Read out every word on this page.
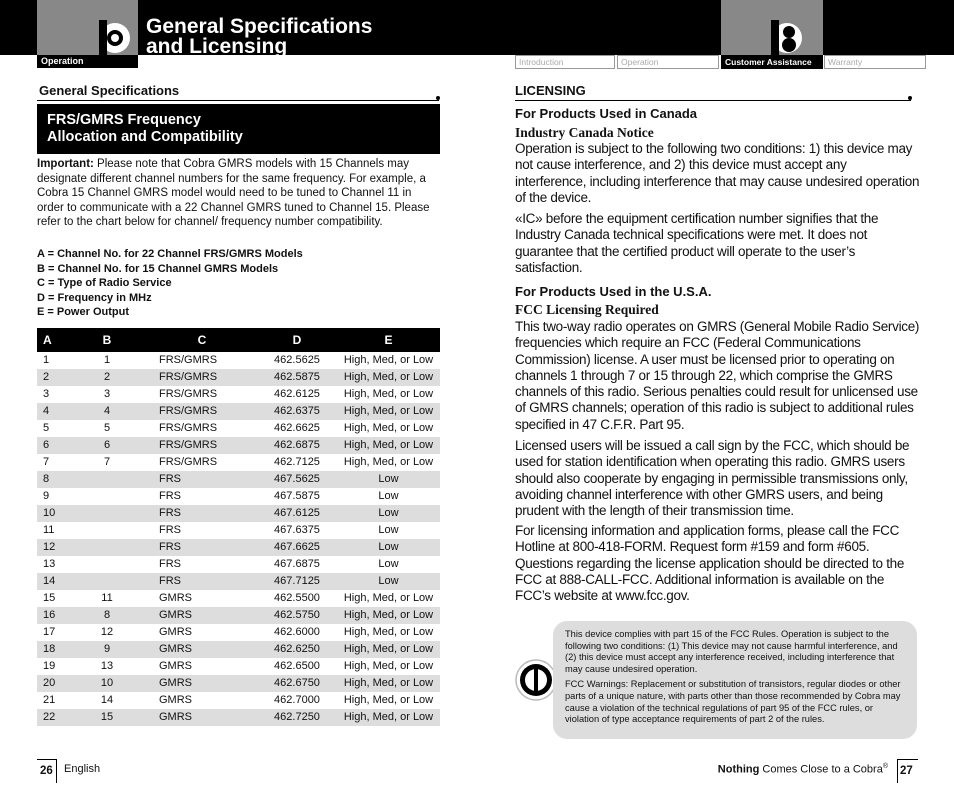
Operation
General Specifications
and Licensing
Introduction	Operation	Customer Assistance	Warranty
General Specifications
FRS/GMRS Frequency
Allocation and Compatibility
Important: Please note that Cobra GMRS models with 15 Channels may designate different channel numbers for the same frequency. For example, a Cobra 15 Channel GMRS model would need to be tuned to Channel 11 in order to communicate with a 22 Channel GMRS tuned to Channel 15. Please refer to the chart below for channel/ frequency number compatibility.
A = Channel No. for 22 Channel FRS/GMRS Models
B = Channel No. for 15 Channel GMRS Models
C = Type of Radio Service
D = Frequency in MHz
E = Power Output
A	B	C	D	E
1	1	FRS/GMRS	462.5625	High, Med, or Low
2	2	FRS/GMRS	462.5875	High, Med, or Low
3	3	FRS/GMRS	462.6125	High, Med, or Low
4	4	FRS/GMRS	462.6375	High, Med, or Low
5	5	FRS/GMRS	462.6625	High, Med, or Low
6	6	FRS/GMRS	462.6875	High, Med, or Low
7	7	FRS/GMRS	462.7125	High, Med, or Low
8		FRS	467.5625	Low
9		FRS	467.5875	Low
10		FRS	467.6125	Low
11		FRS	467.6375	Low
12		FRS	467.6625	Low
13		FRS	467.6875	Low
14		FRS	467.7125	Low
15	11	GMRS	462.5500	High, Med, or Low
16	8	GMRS	462.5750	High, Med, or Low
17	12	GMRS	462.6000	High, Med, or Low
18	9	GMRS	462.6250	High, Med, or Low
19	13	GMRS	462.6500	High, Med, or Low
20	10	GMRS	462.6750	High, Med, or Low
21	14	GMRS	462.7000	High, Med, or Low
22	15	GMRS	462.7250	High, Med, or Low
LICENSING
For Products Used in Canada
Industry Canada Notice
Operation is subject to the following two conditions: 1) this device may not cause interference, and 2) this device must accept any interference, including interference that may cause undesired operation of the device.
«IC» before the equipment certification number signifies that the Industry Canada technical specifications were met. It does not guarantee that the certified product will operate to the user’s satisfaction.
For Products Used in the U.S.A.
FCC Licensing Required
This two-way radio operates on GMRS (General Mobile Radio Service) frequencies which require an FCC (Federal Communications Commission) license. A user must be licensed prior to operating on channels 1 through 7 or 15 through 22, which comprise the GMRS channels of this radio. Serious penalties could result for unlicensed use of GMRS channels; operation of this radio is subject to additional rules specified in 47 C.F.R. Part 95.
Licensed users will be issued a call sign by the FCC, which should be used for station identification when operating this radio. GMRS users should also cooperate by engaging in permissible transmissions only, avoiding channel interference with other GMRS users, and being prudent with the length of their transmission time.
For licensing information and application forms, please call the FCC Hotline at 800-418-FORM. Request form #159 and form #605. Questions regarding the license application should be directed to the FCC at 888-CALL-FCC. Additional information is available on the FCC’s website at www.fcc.gov.

This device complies with part 15 of the FCC Rules. Operation is subject to the following two conditions: (1) This device may not cause harmful interference, and (2) this device must accept any interference received, including interference that may cause undesired operation.

FCC Warnings: Replacement or substitution of transistors, regular diodes or other parts of a unique nature, with parts other than those recommended by Cobra may cause a violation of the technical regulations of part 95 of the FCC rules, or violation of type acceptance requirements of part 2 of the rules.

26 English	Nothing Comes Close to a Cobra® 27
